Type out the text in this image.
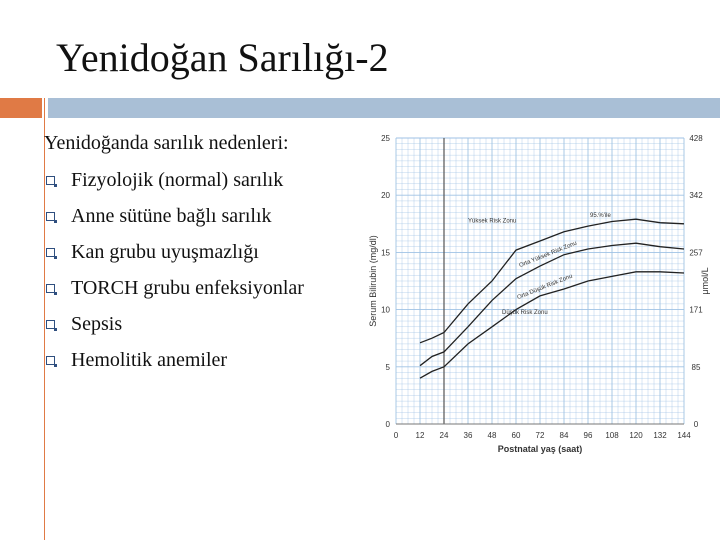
Yenidoğan Sarılığı-2
Yenidoğanda sarılık nedenleri:
Fizyolojik (normal) sarılık
Anne sütüne bağlı sarılık
Kan grubu uyuşmazlığı
TORCH grubu enfeksiyonlar
Sepsis
Hemolitik anemiler
0 12 24 36 48 60 72 84 96 108 120 132 144
0
5
10
15
20
25
0
85
171
257
342
428
Postnatal yaş (saat)
Serum Bilirubin (mg/dl)	μmol/L
Yüksek Risk Zonu
95.%'ile
Orta Yüksek Risk Zonu
Orta Düşük Risk Zonu
Düşük Risk Zonu
